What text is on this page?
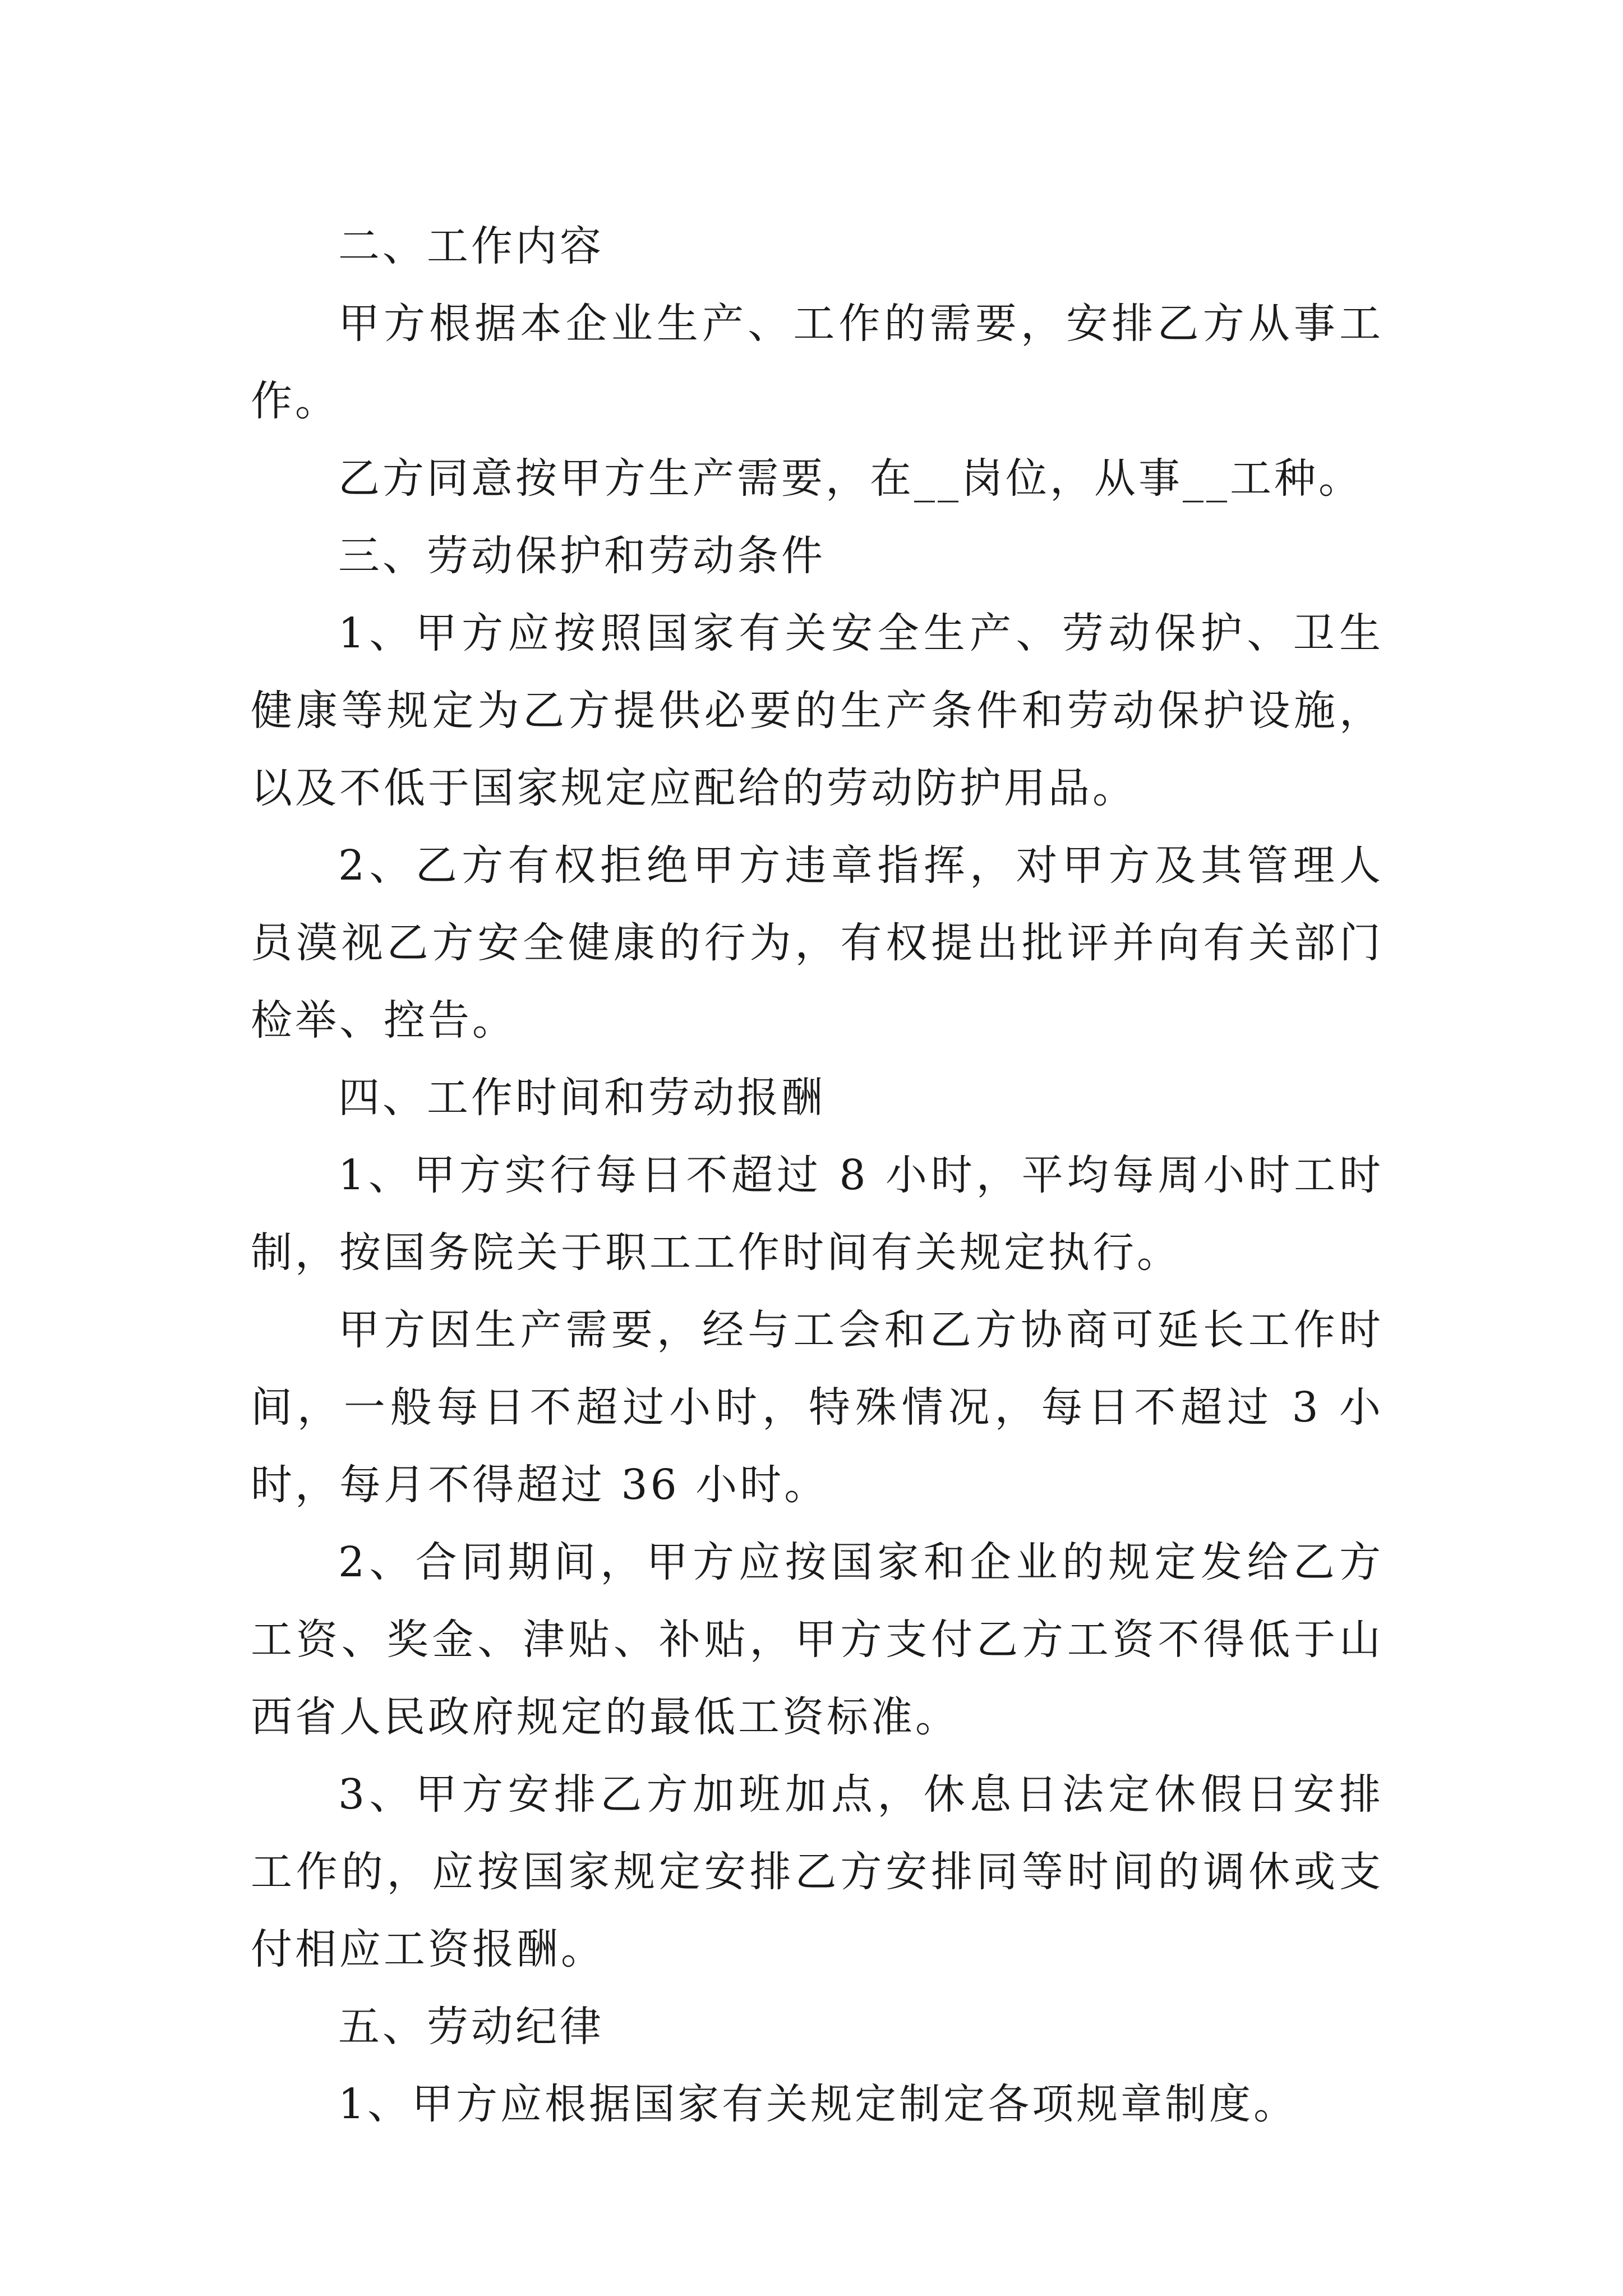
二、工作内容

甲方根据本企业生产、工作的需要，安排乙方从事工作。

乙方同意按甲方生产需要，在__岗位，从事__工种。

三、劳动保护和劳动条件

1、甲方应按照国家有关安全生产、劳动保护、卫生健康等规定为乙方提供必要的生产条件和劳动保护设施，以及不低于国家规定应配给的劳动防护用品。

2、乙方有权拒绝甲方违章指挥，对甲方及其管理人员漠视乙方安全健康的行为，有权提出批评并向有关部门检举、控告。

四、工作时间和劳动报酬

1、甲方实行每日不超过 8 小时，平均每周小时工时制，按国务院关于职工工作时间有关规定执行。

甲方因生产需要，经与工会和乙方协商可延长工作时间，一般每日不超过小时，特殊情况，每日不超过 3 小时，每月不得超过 36 小时。

2、合同期间，甲方应按国家和企业的规定发给乙方工资、奖金、津贴、补贴，甲方支付乙方工资不得低于山西省人民政府规定的最低工资标准。

3、甲方安排乙方加班加点，休息日法定休假日安排工作的，应按国家规定安排乙方安排同等时间的调休或支付相应工资报酬。

五、劳动纪律

1、甲方应根据国家有关规定制定各项规章制度。
